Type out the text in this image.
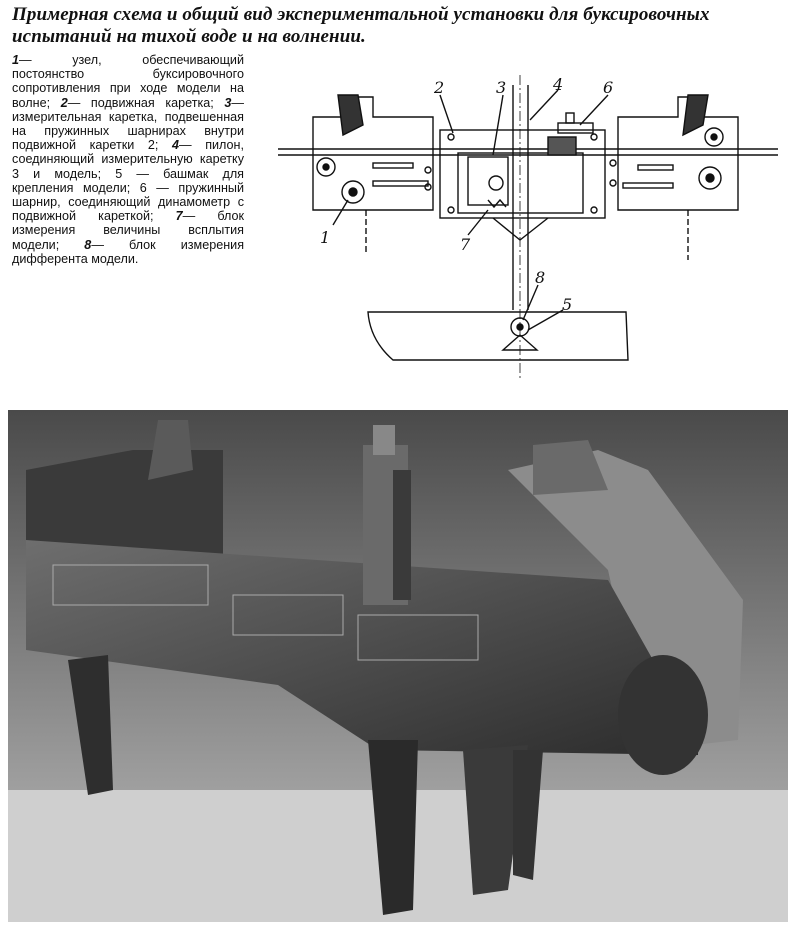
Примерная схема и общий вид экспериментальной установки для буксировочных испытаний на тихой воде и на волнении.
1— узел, обеспечивающий постоянство буксировочного сопротивления при ходе модели на волне; 2— подвижная каретка; 3— измерительная каретка, подвешенная на пружинных шарнирах внутри подвижной каретки 2; 4— пилон, соединяющий измерительную каретку 3 и модель; 5 — башмак для крепления модели; 6 — пружинный шарнир, соединяющий динамометр с подвижной кареткой; 7— блок измерения величины всплытия модели; 8— блок измерения дифферента модели.
1
2	3	4 6
7
8
5
